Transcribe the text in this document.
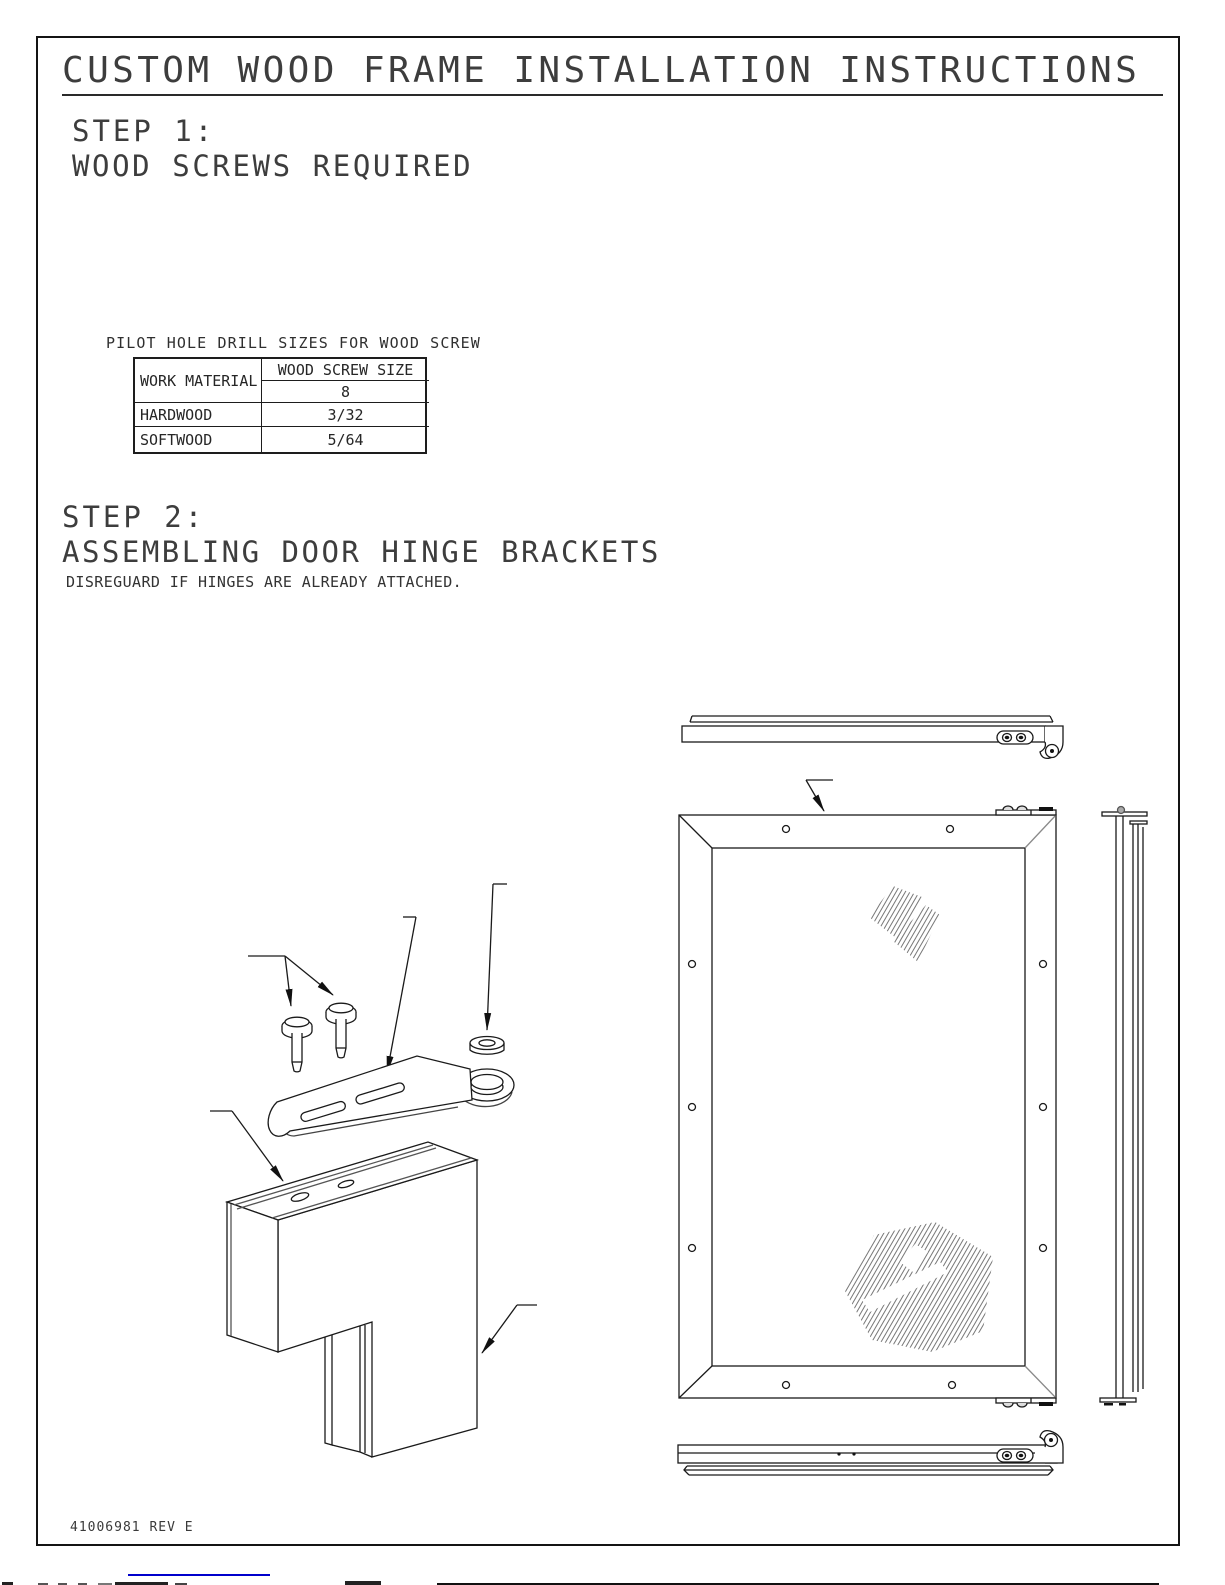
CUSTOM WOOD FRAME INSTALLATION INSTRUCTIONS
STEP 1:
WOOD SCREWS REQUIRED
PILOT HOLE DRILL SIZES FOR WOOD SCREW
WORK MATERIAL
WOOD SCREW SIZE
8
HARDWOOD	3/32
SOFTWOOD	5/64
STEP 2:
ASSEMBLING DOOR HINGE BRACKETS
DISREGUARD IF HINGES ARE ALREADY ATTACHED.
41006981 REV E
